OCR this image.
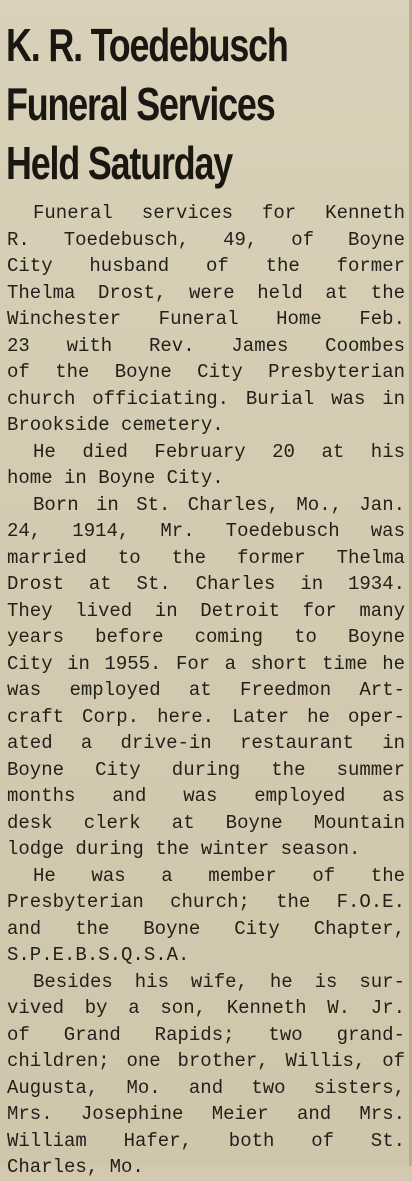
K. R. Toedebusch
Funeral Services
Held Saturday

Funeral services for Kenneth
R. Toedebusch, 49, of Boyne
City husband of the former
Thelma Drost, were held at the
Winchester Funeral Home Feb.
23 with Rev. James Coombes
of the Boyne City Presbyterian
church officiating. Burial was in
Brookside cemetery.

He died February 20 at his
home in Boyne City.

Born in St. Charles, Mo., Jan.
24, 1914, Mr. Toedebusch was
married to the former Thelma
Drost at St. Charles in 1934.
They lived in Detroit for many
years before coming to Boyne
City in 1955. For a short time he
was employed at Freedmon Art-
craft Corp. here. Later he oper-
ated a drive-in restaurant in
Boyne City during the summer
months and was employed as
desk clerk at Boyne Mountain
lodge during the winter season.

He was a member of the
Presbyterian church; the F.O.E.
and the Boyne City Chapter,
S.P.E.B.S.Q.S.A.

Besides his wife, he is sur-
vived by a son, Kenneth W. Jr.
of Grand Rapids; two grand-
children; one brother, Willis, of
Augusta, Mo. and two sisters,
Mrs. Josephine Meier and Mrs.
William Hafer, both of St.
Charles, Mo.
